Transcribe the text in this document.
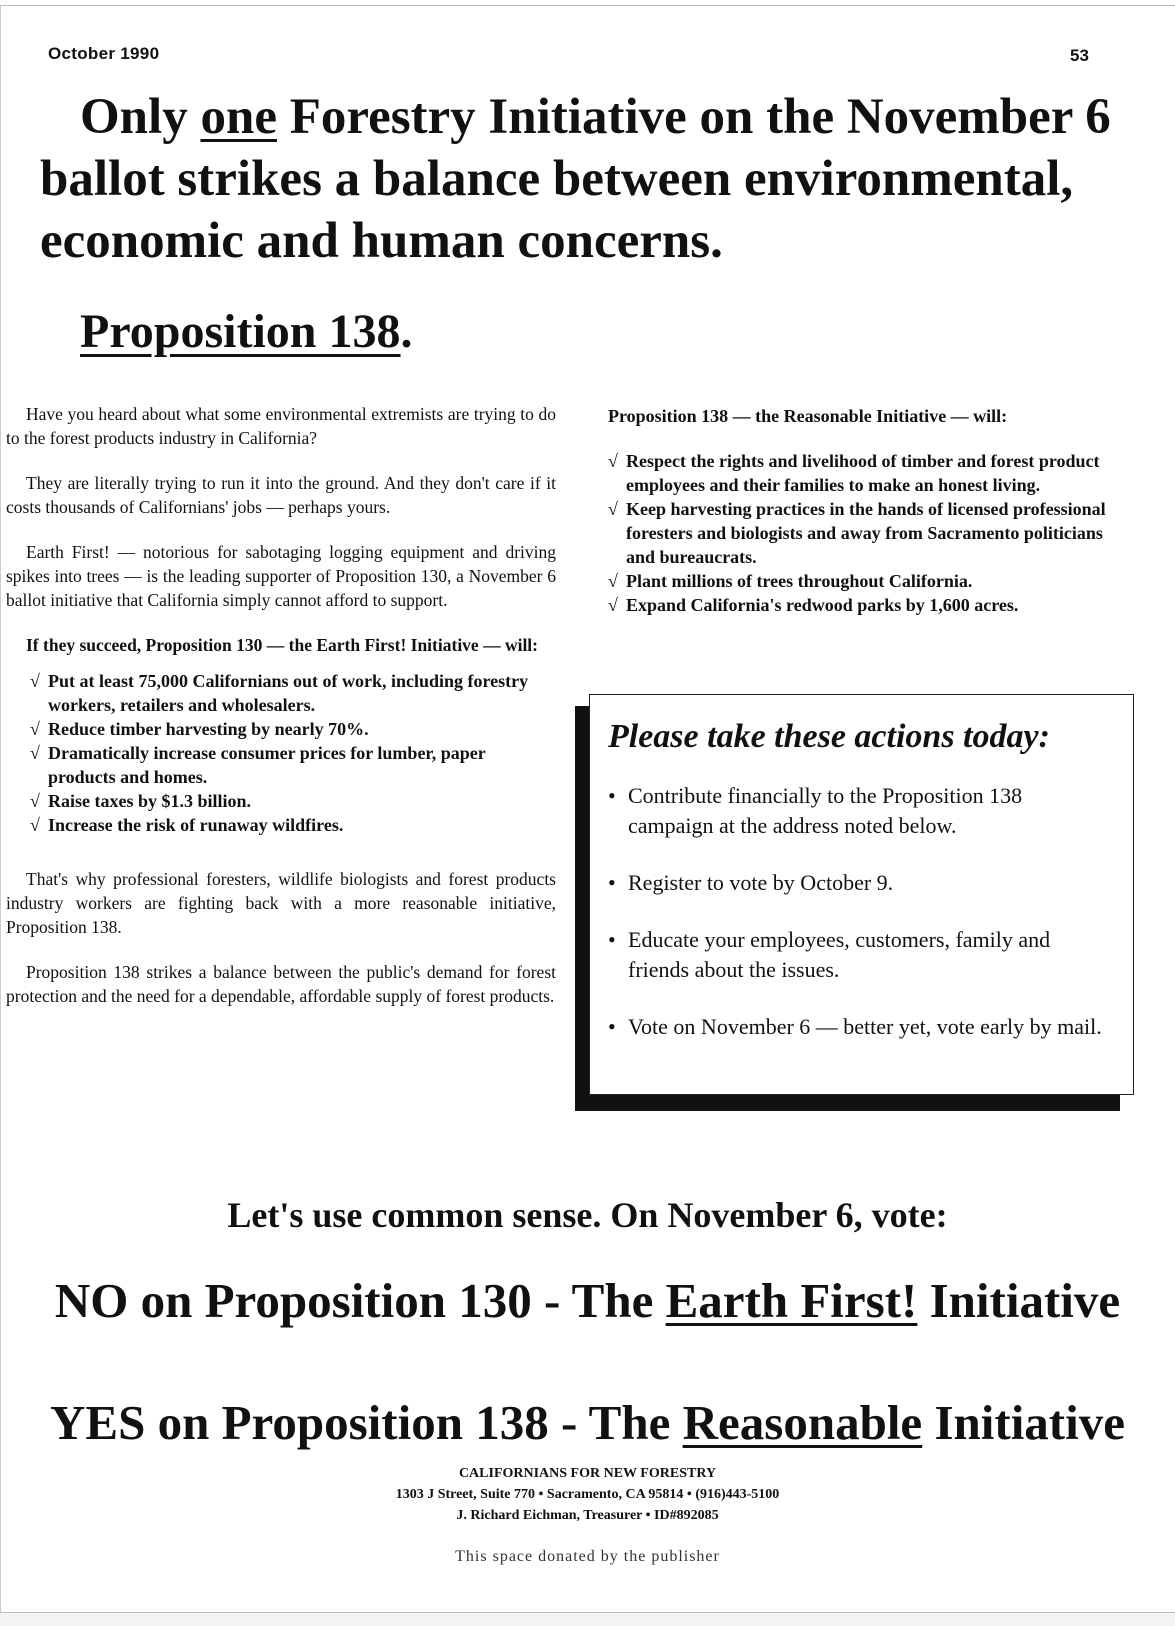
October 1990	53
Only one Forestry Initiative on the November 6
ballot strikes a balance between environmental,
economic and human concerns.
Proposition 138.

Have you heard about what some environmental extremists are trying to do to the forest products industry in California?

They are literally trying to run it into the ground. And they don't care if it costs thousands of Californians' jobs — perhaps yours.

Earth First! — notorious for sabotaging logging equipment and driving spikes into trees — is the leading supporter of Proposition 130, a November 6 ballot initiative that California simply cannot afford to support.

If they succeed, Proposition 130 — the Earth First! Initiative — will:
√ Put at least 75,000 Californians out of work, including forestry workers, retailers and wholesalers.
√ Reduce timber harvesting by nearly 70%.
√ Dramatically increase consumer prices for lumber, paper products and homes.
√ Raise taxes by $1.3 billion.
√ Increase the risk of runaway wildfires.

That's why professional foresters, wildlife biologists and forest products industry workers are fighting back with a more reasonable initiative, Proposition 138.

Proposition 138 strikes a balance between the public's demand for forest protection and the need for a dependable, affordable supply of forest products.

Proposition 138 — the Reasonable Initiative — will:
√ Respect the rights and livelihood of timber and forest product employees and their families to make an honest living.
√ Keep harvesting practices in the hands of licensed professional foresters and biologists and away from Sacramento politicians and bureaucrats.
√ Plant millions of trees throughout California.
√ Expand California's redwood parks by 1,600 acres.
Please take these actions today:
• Contribute financially to the Proposition 138 campaign at the address noted below.
• Register to vote by October 9.
• Educate your employees, customers, family and friends about the issues.
• Vote on November 6 — better yet, vote early by mail.
Let's use common sense. On November 6, vote:
NO on Proposition 130 - The Earth First! Initiative
YES on Proposition 138 - The Reasonable Initiative
CALIFORNIANS FOR NEW FORESTRY
1303 J Street, Suite 770 • Sacramento, CA 95814 • (916)443-5100
J. Richard Eichman, Treasurer • ID#892085
This space donated by the publisher
